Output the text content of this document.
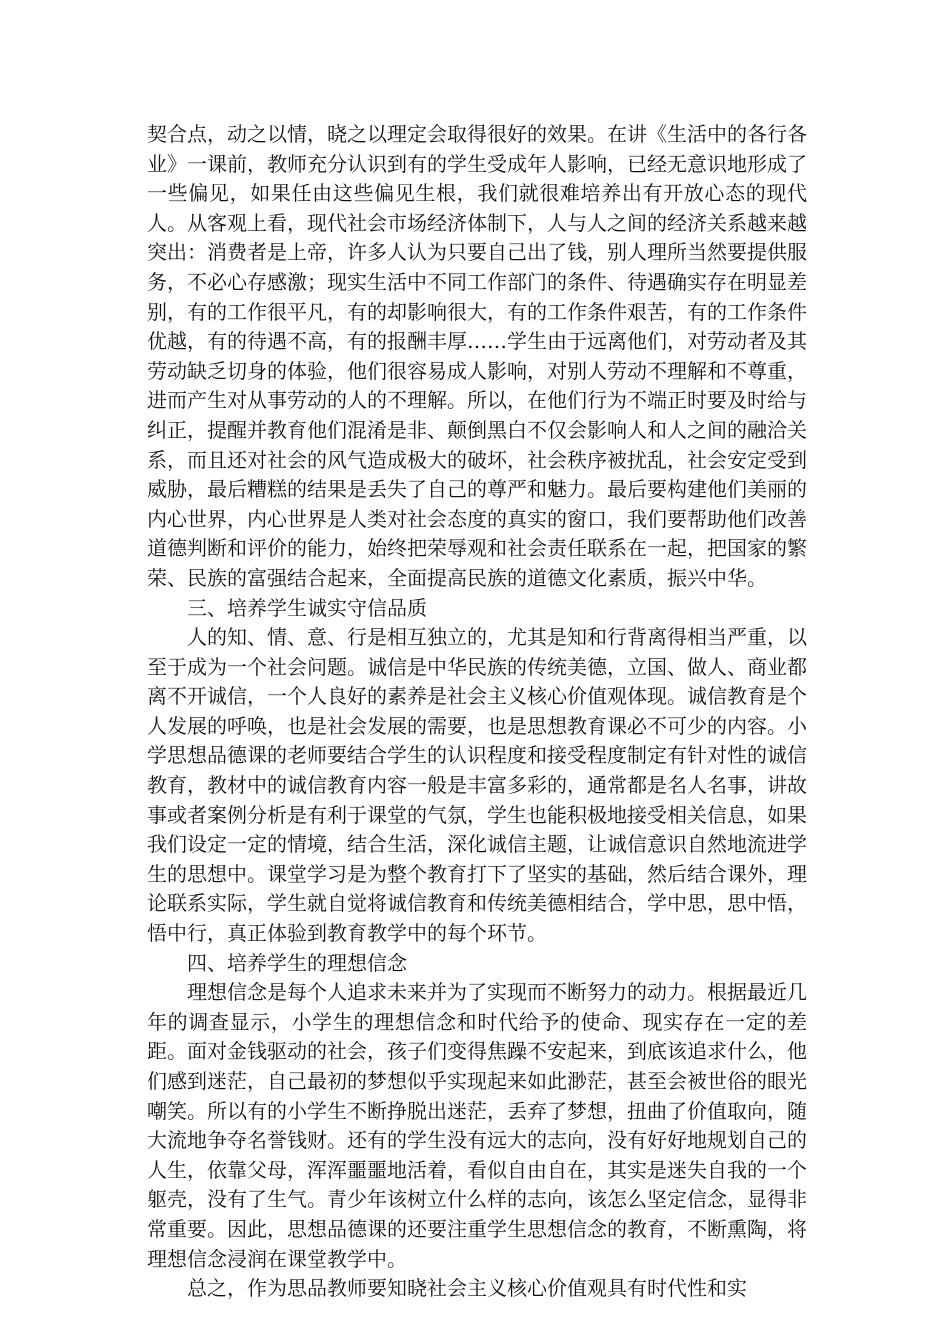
契合点，动之以情，晓之以理定会取得很好的效果。在讲《生活中的各行各业》一课前，教师充分认识到有的学生受成年人影响，已经无意识地形成了一些偏见，如果任由这些偏见生根，我们就很难培养出有开放心态的现代人。从客观上看，现代社会市场经济体制下，人与人之间的经济关系越来越突出：消费者是上帝，许多人认为只要自己出了钱，别人理所当然要提供服务，不必心存感激；现实生活中不同工作部门的条件、待遇确实存在明显差别，有的工作很平凡，有的却影响很大，有的工作条件艰苦，有的工作条件优越，有的待遇不高，有的报酬丰厚……学生由于远离他们，对劳动者及其劳动缺乏切身的体验，他们很容易成人影响，对别人劳动不理解和不尊重，进而产生对从事劳动的人的不理解。所以，在他们行为不端正时要及时给与纠正，提醒并教育他们混淆是非、颠倒黑白不仅会影响人和人之间的融洽关系，而且还对社会的风气造成极大的破坏，社会秩序被扰乱，社会安定受到威胁，最后糟糕的结果是丢失了自己的尊严和魅力。最后要构建他们美丽的内心世界，内心世界是人类对社会态度的真实的窗口，我们要帮助他们改善道德判断和评价的能力，始终把荣辱观和社会责任联系在一起，把国家的繁荣、民族的富强结合起来，全面提高民族的道德文化素质，振兴中华。

三、培养学生诚实守信品质

人的知、情、意、行是相互独立的，尤其是知和行背离得相当严重，以至于成为一个社会问题。诚信是中华民族的传统美德，立国、做人、商业都离不开诚信，一个人良好的素养是社会主义核心价值观体现。诚信教育是个人发展的呼唤，也是社会发展的需要，也是思想教育课必不可少的内容。小学思想品德课的老师要结合学生的认识程度和接受程度制定有针对性的诚信教育，教材中的诚信教育内容一般是丰富多彩的，通常都是名人名事，讲故事或者案例分析是有利于课堂的气氛，学生也能积极地接受相关信息，如果我们设定一定的情境，结合生活，深化诚信主题，让诚信意识自然地流进学生的思想中。课堂学习是为整个教育打下了坚实的基础，然后结合课外，理论联系实际，学生就自觉将诚信教育和传统美德相结合，学中思，思中悟，悟中行，真正体验到教育教学中的每个环节。

四、培养学生的理想信念

理想信念是每个人追求未来并为了实现而不断努力的动力。根据最近几年的调查显示，小学生的理想信念和时代给予的使命、现实存在一定的差距。面对金钱驱动的社会，孩子们变得焦躁不安起来，到底该追求什么，他们感到迷茫，自己最初的梦想似乎实现起来如此渺茫，甚至会被世俗的眼光嘲笑。所以有的小学生不断挣脱出迷茫，丢弃了梦想，扭曲了价值取向，随大流地争夺名誉钱财。还有的学生没有远大的志向，没有好好地规划自己的人生，依靠父母，浑浑噩噩地活着，看似自由自在，其实是迷失自我的一个躯壳，没有了生气。青少年该树立什么样的志向，该怎么坚定信念，显得非常重要。因此，思想品德课的还要注重学生思想信念的教育，不断熏陶，将理想信念浸润在课堂教学中。

总之，作为思品教师要知晓社会主义核心价值观具有时代性和实
